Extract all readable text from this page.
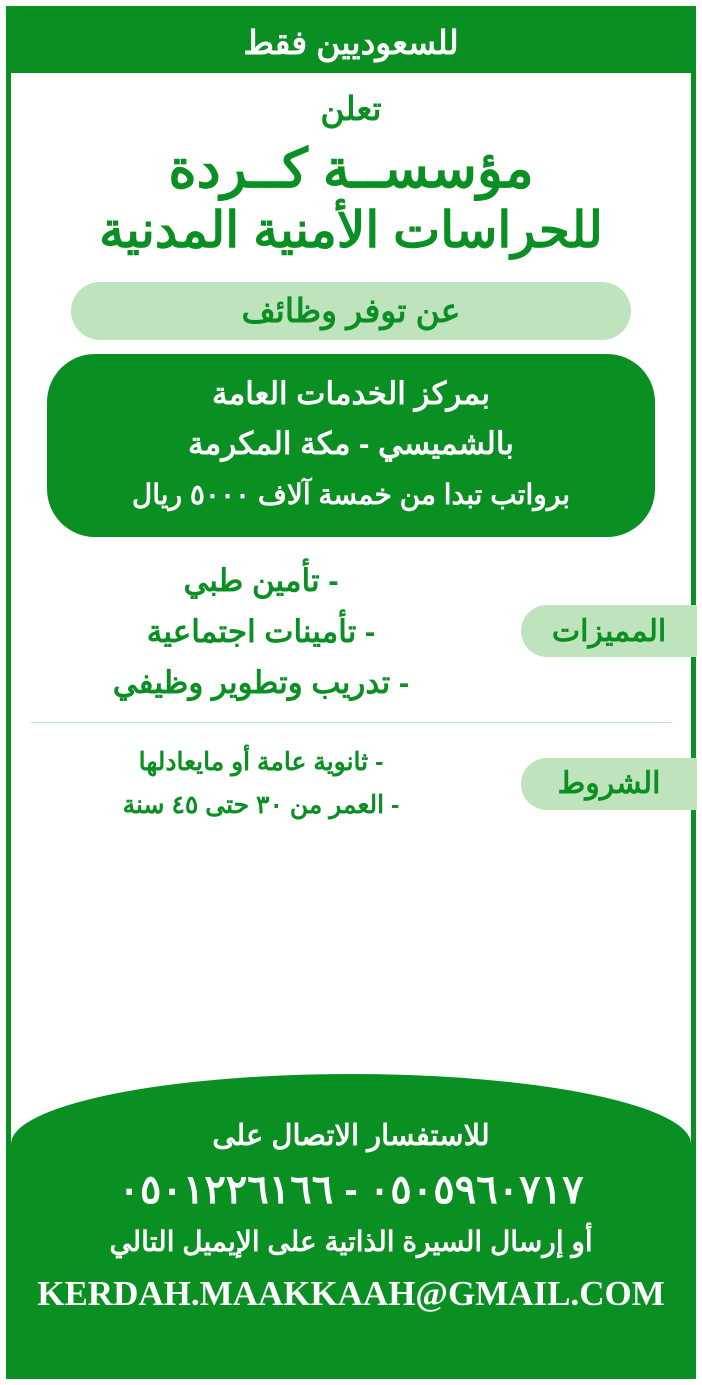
للسعوديين فقط
تعلن
مؤسســة كــردة
للحراسات الأمنية المدنية
عن توفر وظائف
بمركز الخدمات العامة
بالشميسي - مكة المكرمة
برواتب تبدا من خمسة آلاف ٥٠٠٠ ريال
المميزات
- تأمين طبي
- تأمينات اجتماعية
- تدريب وتطوير وظيفي
الشروط
- ثانوية عامة أو مايعادلها
- العمر من ٣٠ حتى ٤٥ سنة
للاستفسار الاتصال على
٠٥٠٥٩٦٠٧١٧ - ٠٥٠١٢٢٦١٦٦
أو إرسال السيرة الذاتية على الإيميل التالي
KERDAH.MAAKKAAH@GMAIL.COM
